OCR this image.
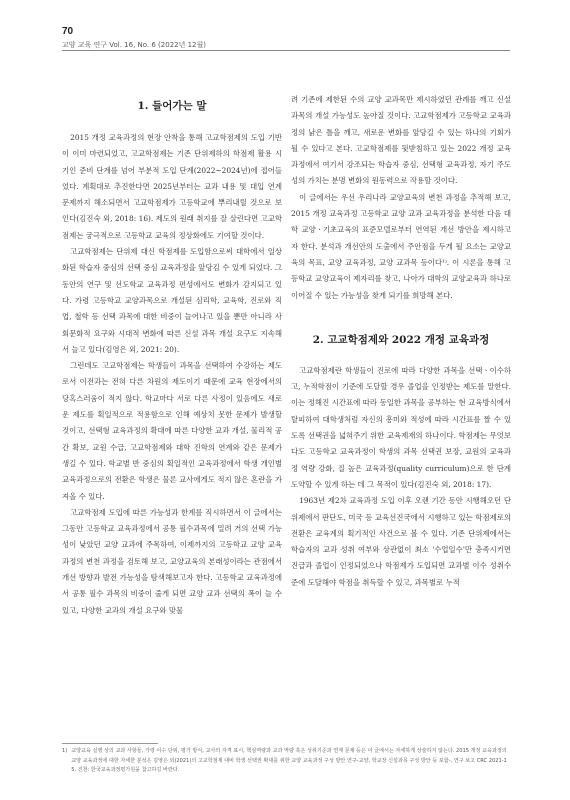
70
교양 교육 연구 Vol. 16, No. 6 (2022년 12월)
1. 들어가는 말

2015 개정 교육과정의 현장 안착을 통해 고교학점제의 도입 기반이 이미 마련되었고, 고교학점제는 기존 단위제하의 학점제 활용 시기인 준비 단계를 넘어 부분적 도입 단계(2022~2024년)에 접어들었다. 계획대로 추진한다면 2025년부터는 교과 내용 및 대입 연계 문제까지 해소되면서 고교학점제가 고등학교에 뿌리내릴 것으로 보인다(김진숙 외, 2018: 16). 제도의 원래 취지를 잘 살린다면 고교학점제는 궁극적으로 고등학교 교육의 정상화에도 기여할 것이다.

고교학점제는 단위제 대신 학점제를 도입함으로써 대학에서 일상화된 학습자 중심의 선택 중심 교육과정을 앞당김 수 있게 되었다. 그동안의 연구 및 선도학교 교육과정 편성에서도 변화가 감지되고 있다. 가령 고등학교 교양과목으로 개설된 심리학, 교육학, 진로와 직업, 철학 등 선택 과목에 대한 비중이 늘어나고 있을 뿐만 아니라 사회문화적 요구와 시대적 변화에 따른 신설 과목 개설 요구도 지속해서 늘고 있다(김영은 외, 2021: 20).

그런데도 고교학점제는 학생들이 과목을 선택하여 수강하는 제도로서 이전과는 전혀 다른 차원의 제도이기 때문에 교육 현장에서의 당혹스러움이 적지 않다. 학교마다 서로 다른 사정이 있음에도 새로운 제도를 획일적으로 적용함으로 인해 예상치 못한 문제가 발생할 것이고, 선택형 교육과정의 확대에 따른 다양한 교과 개설, 물리적 공간 확보, 교원 수급, 고교학점제와 대학 진학의 연계와 같은 문제가 생길 수 있다. 학교별 반 중심의 획일적인 교육과정에서 학생 개인별 교육과정으로의 전환은 학생은 물론 교사에게도 적지 않은 혼란을 가져올 수 있다.

고교학점제 도입에 따른 가능성과 한계를 직시하면서 이 글에서는 그동안 고등학교 교육과정에서 공통 필수과목에 밀려 거의 선택 가능성이 낮았던 교양 교과에 주목하여, 이제까지의 고등학교 교양 교육과정의 변천 과정을 검토해 보고, 교양교육의 본래성이라는 관점에서 개선 방향과 발전 가능성을 탐색해보고자 한다. 고등학교 교육과정에서 공통 필수 과목의 비중이 줄게 되면 교양 교과 선택의 폭이 늘 수 있고, 다양한 교과의 개설 요구와 맞물

려 기존에 제한된 수의 교양 교과목만 제시하였던 관례를 깨고 신설 과목의 개설 가능성도 높아질 것이다. 고교학점제가 고등학교 교육과정의 낡은 틀을 깨고, 새로운 변화를 앞당길 수 있는 하나의 기회가 될 수 있다고 본다. 고교학점제를 뒷받침하고 있는 2022 개정 교육과정에서 여기서 강조되는 학습자 중심, 선택형 교육과정, 자기 주도성의 가치는 분명 변화의 원동력으로 작용할 것이다.

이 글에서는 우선 우리나라 교양교육의 변천 과정을 추적해 보고, 2015 개정 교육과정 고등학교 교양 교과 교육과정을 분석한 다음 대학 교양ㆍ기초교육의 표준모델로부터 연역된 개선 방안을 제시하고자 한다. 분석과 개선안의 도출에서 주안점을 두게 될 요소는 교양교육의 목표, 교양 교육과정, 교양 교과목 등이다¹⁾. 이 시론을 통해 고등학교 교양교육이 제자리를 찾고, 나아가 대학의 교양교육과 하나로 이어질 수 있는 가능성을 찾게 되기를 희망해 본다.

2. 고교학점제와 2022 개정 교육과정

고교학점제란 학생들이 진로에 따라 다양한 과목을 선택ㆍ이수하고, 누적학점이 기준에 도달할 경우 졸업을 인정받는 제도를 말한다. 이는 정해진 시간표에 따라 동일한 과목을 공부하는 현 교육방식에서 탈피하여 대학생처럼 자신의 흥미와 적성에 따라 시간표를 짤 수 있도록 선택권을 넓혀주기 위한 교육제재의 하나이다. 학점제는 무엇보다도 고등학교 교육과정이 학생의 과목 선택권 보장, 교원의 교육과정 역량 강화, 질 높은 교육과정(quality curriculum)으로 한 단계 도약할 수 있게 하는 데 그 목적이 있다(김진숙 외, 2018: 17).

1963년 제2차 교육과정 도입 이후 오랜 기간 동안 시행해오던 단위제에서 판단도, 미국 등 교육선진국에서 시행하고 있는 학점제로의 전환은 교육계의 획기적인 사건으로 볼 수 있다. 기존 단위제에서는 학습자의 교과 성취 여부와 상관없이 최소 '수업일수'만 충족시키면 진급과 졸업이 인정되었으나 학점제가 도입되면 교과별 이수 성취수준에 도달해야 학점을 취득할 수 있고, 과목별로 누적

1) 교양교육 실행 상의 교과 사항들, 가령 이수 단위, 평가 방식, 교사의 자격 표시, 핵심역량과 교과 역량 혹은 성취기준과 연계 문제 등은 이 글에서는 자세하게 상술하지 않는다. 2015 개정 교육과정의 교양 교육과정에 대한 자세한 분석은 김영은 외(2021)의 고교학점제 대비 학생 선택권 확대를 위한 교양 교육과정 구성 방안 연구-교양, 학교장 신설과목 구성 방안 등 포함-, 연구 보고 CRC 2021-15, 진천: 한국교육과정평가원을 참고하길 바란다.
